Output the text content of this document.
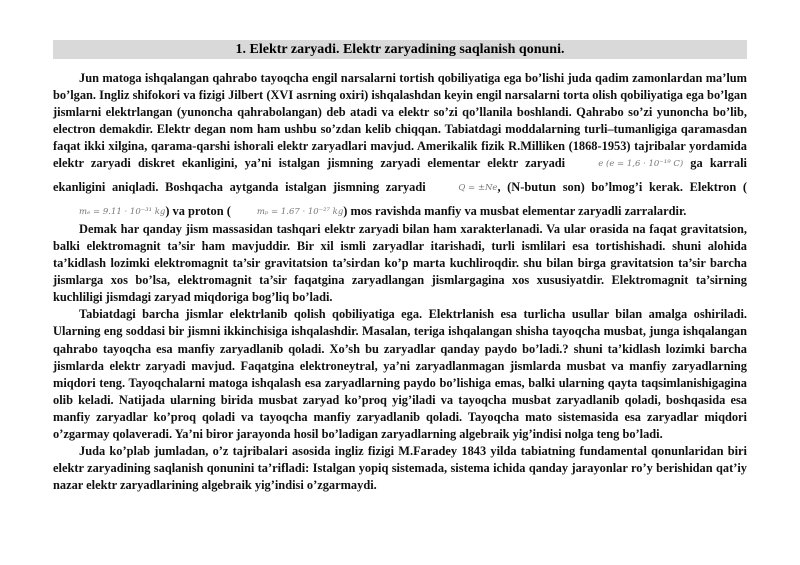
1. Elektr zaryadi. Elektr zaryadining saqlanish qonuni.

Jun matoga ishqalangan qahrabo tayoqcha engil narsalarni tortish qobiliyatiga ega bo’lishi juda qadim zamonlardan ma’lum bo’lgan. Ingliz shifokori va fizigi Jilbert (XVI asrning oxiri) ishqalashdan keyin engil narsalarni torta olish qobiliyatiga ega bo’lgan jismlarni elektrlangan (yunoncha qahrabolangan) deb atadi va elektr so’zi qo’llanila boshlandi. Qahrabo so’zi yunoncha bo’lib, electron demakdir. Elektr degan nom ham ushbu so’zdan kelib chiqqan. Tabiatdagi moddalarning turli–tumanligiga qaramasdan faqat ikki xilgina, qarama-qarshi ishorali elektr zaryadlari mavjud. Amerikalik fizik R.Milliken (1868-1953) tajribalar yordamida elektr zaryadi diskret ekanligini, ya’ni istalgan jismning zaryadi elementar elektr zaryadi	e (e = 1,6 · 10⁻¹⁹ C) ga karrali ekanligini aniqladi. Boshqacha aytganda istalgan jismning zaryadi	Q = ±Ne, (N-butun son) bo’lmog’i kerak. Elektron (mₑ = 9.11 · 10⁻³¹ kg) va proton (	mₚ = 1.67 · 10⁻²⁷ kg) mos ravishda manfiy va musbat elementar zaryadli zarralardir.

Demak har qanday jism massasidan tashqari elektr zaryadi bilan ham xarakterlanadi. Va ular orasida na faqat gravitatsion, balki elektromagnit ta’sir ham mavjuddir. Bir xil ismli zaryadlar itarishadi, turli ismlilari esa tortishishadi. shuni alohida ta’kidlash lozimki elektromagnit ta’sir gravitatsion ta’sirdan ko’p marta kuchliroqdir. shu bilan birga gravitatsion ta’sir barcha jismlarga xos bo’lsa, elektromagnit ta’sir faqatgina zaryadlangan jismlargagina xos xususiyatdir. Elektromagnit ta’sirning kuchliligi jismdagi zaryad miqdoriga bog’liq bo’ladi.

Tabiatdagi barcha jismlar elektrlanib qolish qobiliyatiga ega. Elektrlanish esa turlicha usullar bilan amalga oshiriladi. Ularning eng soddasi bir jismni ikkinchisiga ishqalashdir. Masalan, teriga ishqalangan shisha tayoqcha musbat, junga ishqalangan qahrabo tayoqcha esa manfiy zaryadlanib qoladi. Xo’sh bu zaryadlar qanday paydo bo’ladi.? shuni ta’kidlash lozimki barcha jismlarda elektr zaryadi mavjud. Faqatgina elektroneytral, ya’ni zaryadlanmagan jismlarda musbat va manfiy zaryadlarning miqdori teng. Tayoqchalarni matoga ishqalash esa zaryadlarning paydo bo’lishiga emas, balki ularning qayta taqsimlanishigagina olib keladi. Natijada ularning birida musbat zaryad ko’proq yig’iladi va tayoqcha musbat zaryadlanib qoladi, boshqasida esa manfiy zaryadlar ko’proq qoladi va tayoqcha manfiy zaryadlanib qoladi. Tayoqcha mato sistemasida esa zaryadlar miqdori o’zgarmay qolaveradi. Ya’ni biror jarayonda hosil bo’ladigan zaryadlarning algebraik yig’indisi nolga teng bo’ladi.

Juda ko’plab jumladan, o’z tajribalari asosida ingliz fizigi M.Faradey 1843 yilda tabiatning fundamental qonunlaridan biri elektr zaryadining saqlanish qonunini ta’rifladi: Istalgan yopiq sistemada, sistema ichida qanday jarayonlar ro’y berishidan qat’iy nazar elektr zaryadlarining algebraik yig’indisi o’zgarmaydi.
